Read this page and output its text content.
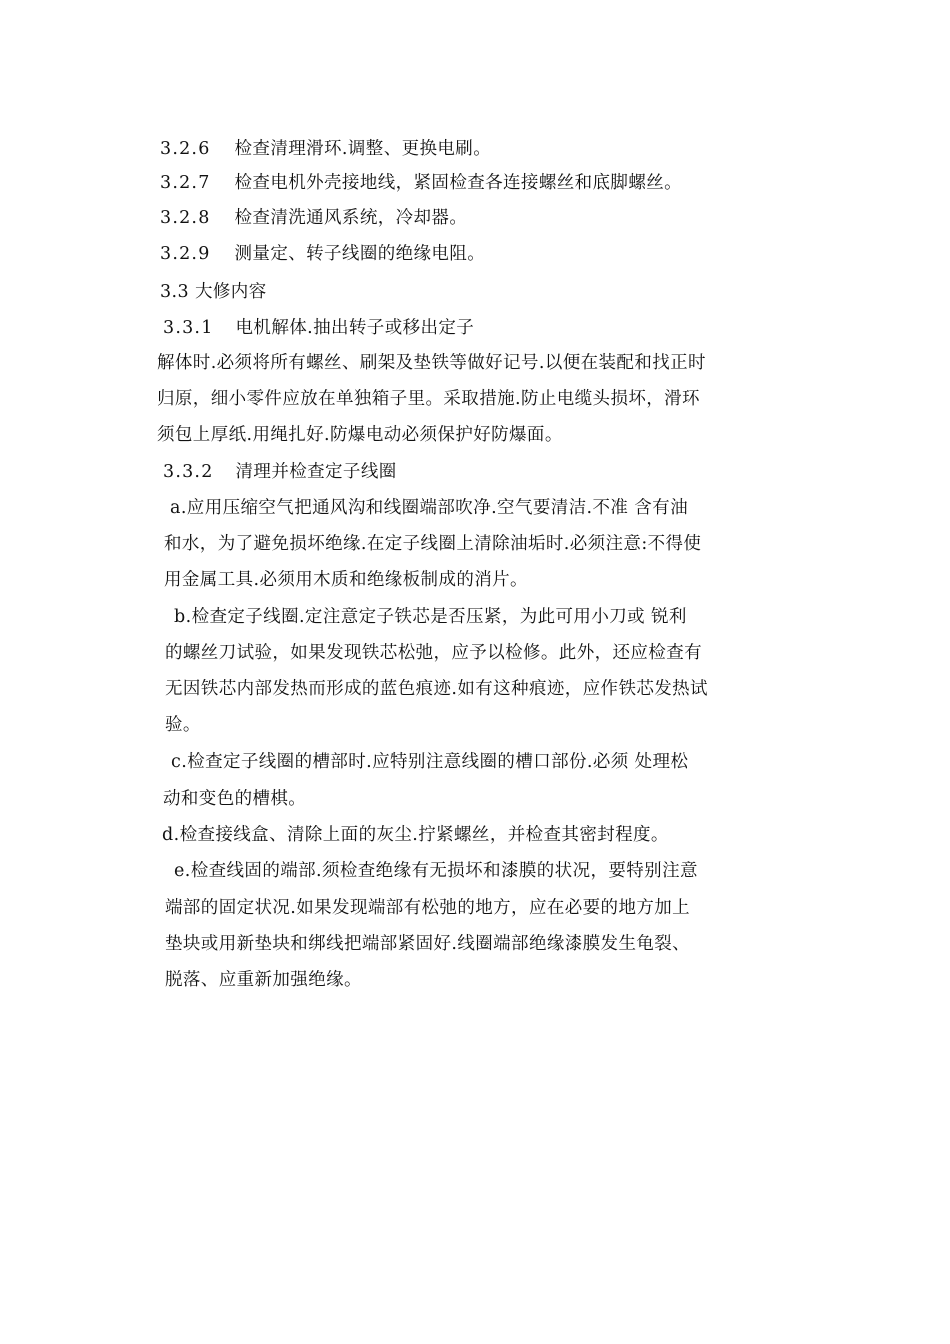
3.2.6 检查清理滑环.调整、更换电刷。

3.2.7 检查电机外壳接地线，紧固检查各连接螺丝和底脚螺丝。

3.2.8 检查清洗通风系统，冷却器。

3.2.9 测量定、转子线圈的绝缘电阻。

3.3 大修内容

3.3.1 电机解体.抽出转子或移出定子

解体时.必须将所有螺丝、刷架及垫铁等做好记号.以便在装配和找正时

归原，细小零件应放在单独箱子里。采取措施.防止电缆头损坏，滑环

须包上厚纸.用绳扎好.防爆电动必须保护好防爆面。

3.3.2 清理并检查定子线圈

a.应用压缩空气把通风沟和线圈端部吹净.空气要清洁.不准 含有油

和水，为了避免损坏绝缘.在定子线圈上清除油垢时.必须注意:不得使

用金属工具.必须用木质和绝缘板制成的消片。

b.检查定子线圈.定注意定子铁芯是否压紧，为此可用小刀或 锐利

的螺丝刀试验，如果发现铁芯松弛，应予以检修。此外，还应检查有

无因铁芯内部发热而形成的蓝色痕迹.如有这种痕迹，应作铁芯发热试

验。

c.检查定子线圈的槽部时.应特别注意线圈的槽口部份.必须 处理松

动和变色的槽棋。

d.检查接线盒、清除上面的灰尘.拧紧螺丝，并检查其密封程度。

e.检查线固的端部.须检查绝缘有无损坏和漆膜的状况，要特别注意

端部的固定状况.如果发现端部有松弛的地方，应在必要的地方加上

垫块或用新垫块和绑线把端部紧固好.线圈端部绝缘漆膜发生龟裂、

脱落、应重新加强绝缘。
